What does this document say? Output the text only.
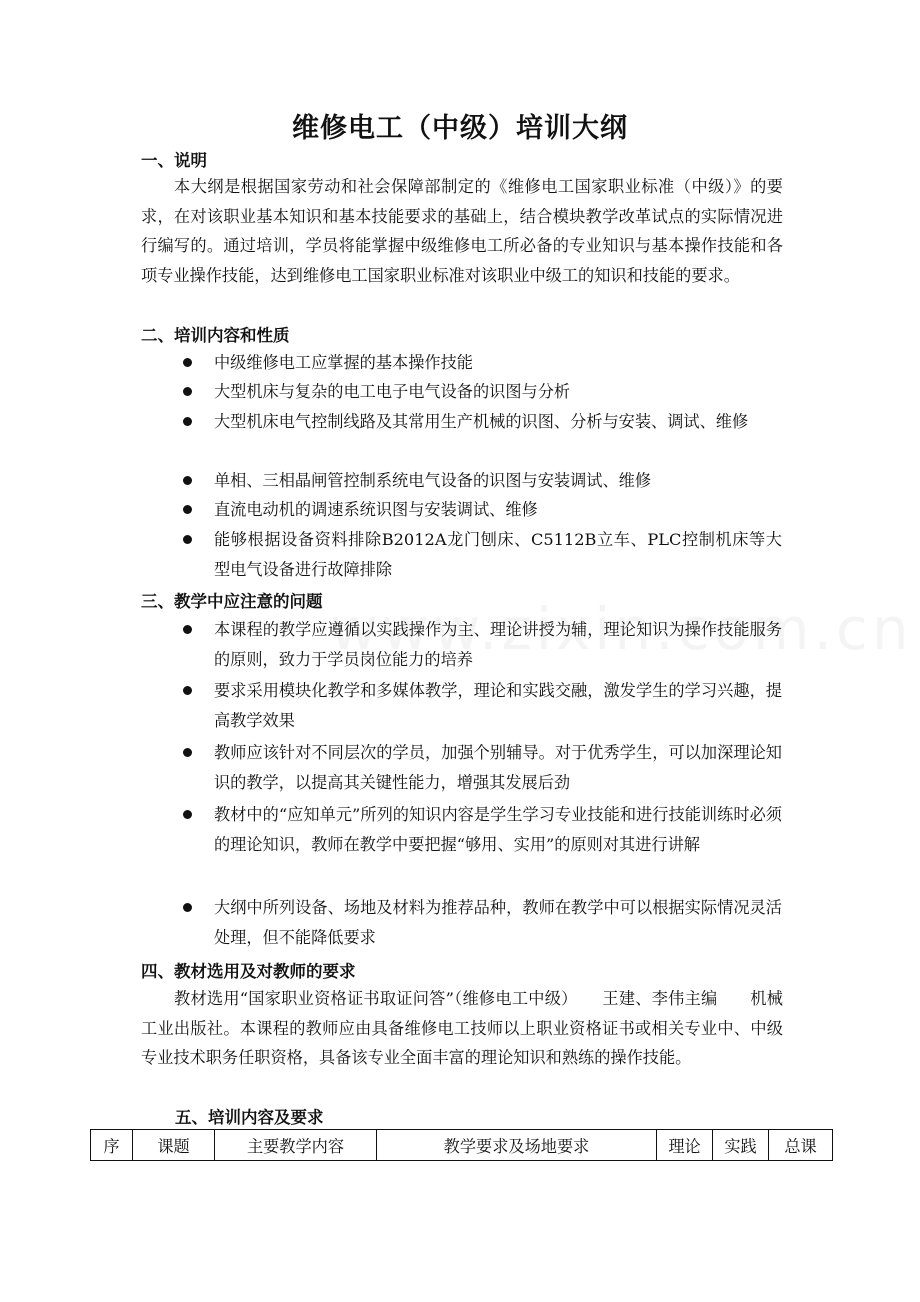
维修电工（中级）培训大纲
一、说明

本大纲是根据国家劳动和社会保障部制定的《维修电工国家职业标准（中级）》的要求，在对该职业基本知识和基本技能要求的基础上，结合模块教学改革试点的实际情况进行编写的。通过培训，学员将能掌握中级维修电工所必备的专业知识与基本操作技能和各项专业操作技能，达到维修电工国家职业标准对该职业中级工的知识和技能的要求。

二、培训内容和性质
中级维修电工应掌握的基本操作技能
大型机床与复杂的电工电子电气设备的识图与分析
大型机床电气控制线路及其常用生产机械的识图、分析与安装、调试、维修
单相、三相晶闸管控制系统电气设备的识图与安装调试、维修
直流电动机的调速系统识图与安装调试、维修
能够根据设备资料排除B2012A龙门刨床、C5112B立车、PLC控制机床等大型电气设备进行故障排除
三、教学中应注意的问题
本课程的教学应遵循以实践操作为主、理论讲授为辅，理论知识为操作技能服务的原则，致力于学员岗位能力的培养
要求采用模块化教学和多媒体教学，理论和实践交融，激发学生的学习兴趣，提高教学效果
教师应该针对不同层次的学员，加强个别辅导。对于优秀学生，可以加深理论知识的教学，以提高其关键性能力，增强其发展后劲
教材中的“应知单元”所列的知识内容是学生学习专业技能和进行技能训练时必须的理论知识，教师在教学中要把握“够用、实用”的原则对其进行讲解
大纲中所列设备、场地及材料为推荐品种，教师在教学中可以根据实际情况灵活处理，但不能降低要求
四、教材选用及对教师的要求

教材选用“国家职业资格证书取证问答”（维修电工中级）　　王建、李伟主编　　机械工业出版社。本课程的教师应由具备维修电工技师以上职业资格证书或相关专业中、中级专业技术职务任职资格，具备该专业全面丰富的理论知识和熟练的操作技能。

五、培训内容及要求
序	课题	主要教学内容	教学要求及场地要求	理论	实践	总课
